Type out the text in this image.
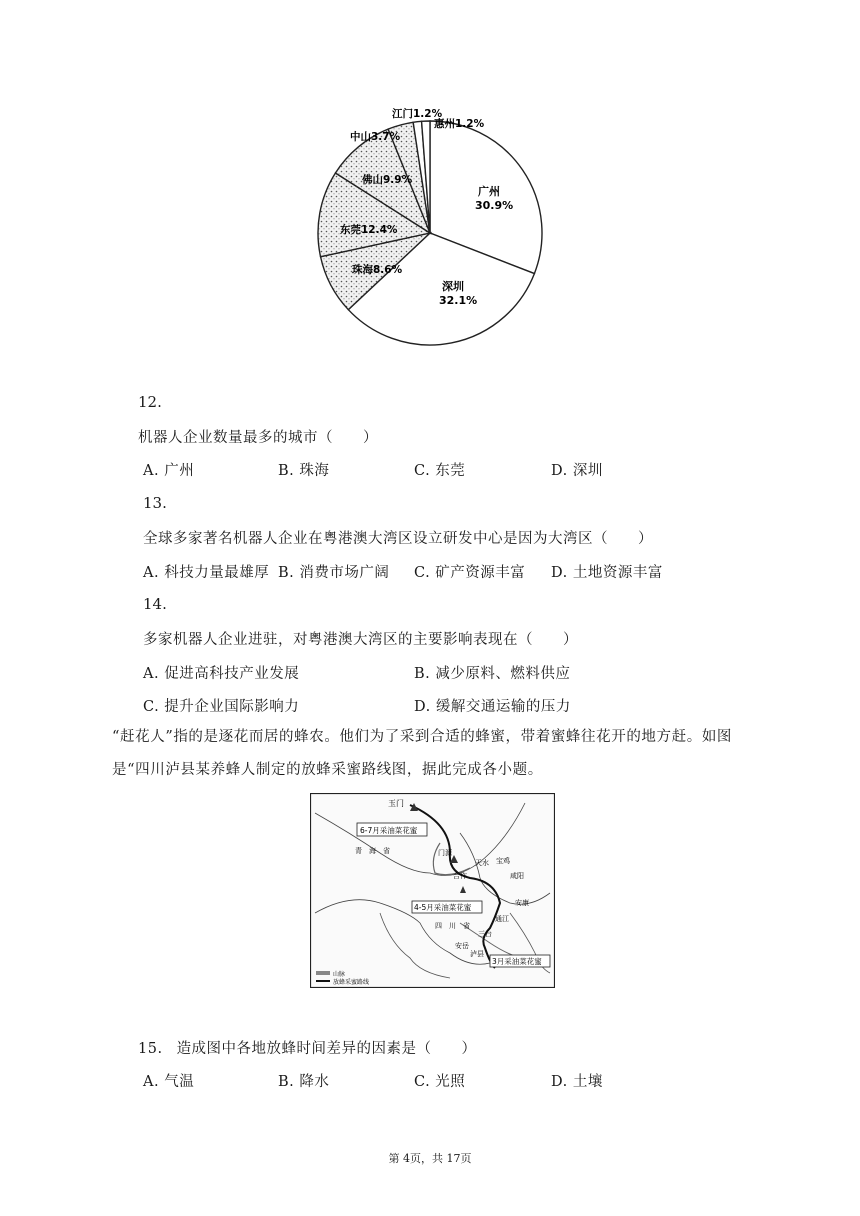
广州
30.9%
深圳
32.1%
珠海8.6%
东莞12.4%
佛山9.9%
中山3.7%
江门1.2%
惠州1.2%
12.
机器人企业数量最多的城市（　　）
A. 广州	B. 珠海	C. 东莞	D. 深圳
13.
全球多家著名机器人企业在粤港澳大湾区设立研发中心是因为大湾区（　　）
A. 科技力量最雄厚 B. 消费市场广阔 C. 矿产资源丰富 D. 土地资源丰富
14.
多家机器人企业进驻，对粤港澳大湾区的主要影响表现在（　　）
A. 促进高科技产业发展	B. 减少原料、燃料供应
C. 提升企业国际影响力	D. 缓解交通运输的压力
“赶花人”指的是逐花而居的蜂农。他们为了采到合适的蜂蜜，带着蜜蜂往花开的地方赶。如图是“四川泸县某养蜂人制定的放蜂采蜜路线图，据此完成各小题。
玉门
6-7月采油菜花蜜
青　海　省	门源
天水 宝鸡
合作	咸阳
4-5月采油菜花蜜	安康
通江
四　川　省
三台
安岳
泸县
3月采油菜花蜜
山脉
放蜂采蜜路线
15. 造成图中各地放蜂时间差异的因素是（　　）
A. 气温	B. 降水	C. 光照	D. 土壤
第 4页，共 17页
